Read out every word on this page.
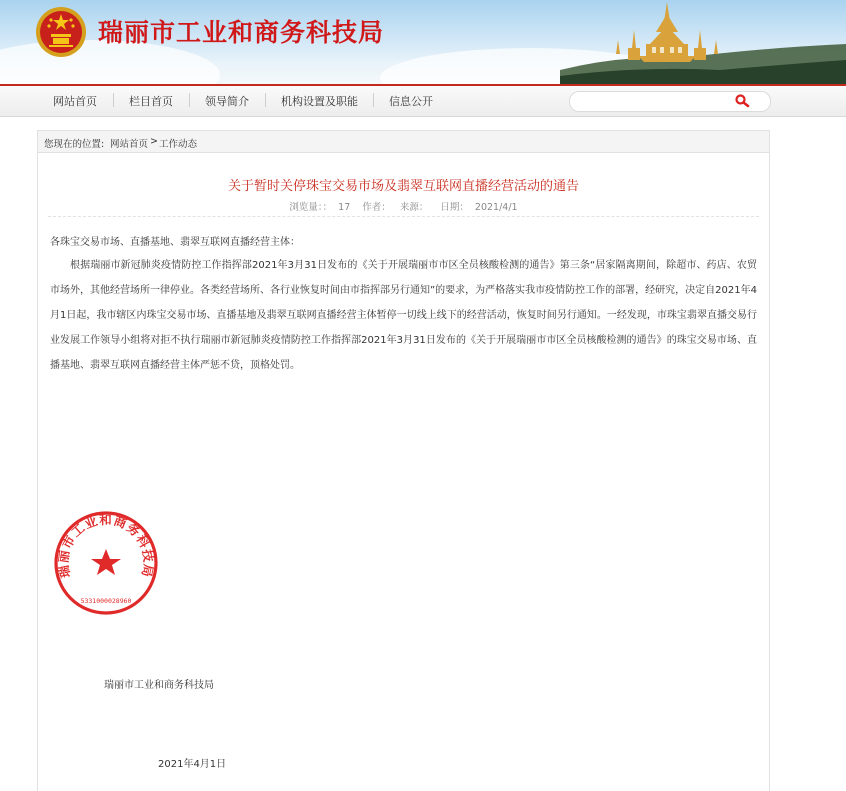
瑞丽市工业和商务科技局
网站首页	栏目首页	领导简介	机构设置及职能	信息公开
您现在的位置: 网站首页 > 工作动态
关于暂时关停珠宝交易市场及翡翠互联网直播经营活动的通告
浏览量：： 17 作者： 来源： 日期： 2021/4/1
各珠宝交易市场、直播基地、翡翠互联网直播经营主体：
根据瑞丽市新冠肺炎疫情防控工作指挥部2021年3月31日发布的《关于开展瑞丽市市区全员核酸检测的通告》第三条“居家隔离期间，除超市、药店、农贸市场外，其他经营场所一律停业。各类经营场所、各行业恢复时间由市指挥部另行通知”的要求，为严格落实我市疫情防控工作的部署，经研究，决定自2021年4月1日起，我市辖区内珠宝交易市场、直播基地及翡翠互联网直播经营主体暂停一切线上线下的经营活动，恢复时间另行通知。一经发现，市珠宝翡翠直播交易行业发展工作领导小组将对拒不执行瑞丽市新冠肺炎疫情防控工作指挥部2021年3月31日发布的《关于开展瑞丽市市区全员核酸检测的通告》的珠宝交易市场、直播基地、翡翠互联网直播经营主体严惩不贷，顶格处罚。
瑞丽市工业和商务科技局
5331000028960
瑞丽市工业和商务科技局
2021年4月1日
